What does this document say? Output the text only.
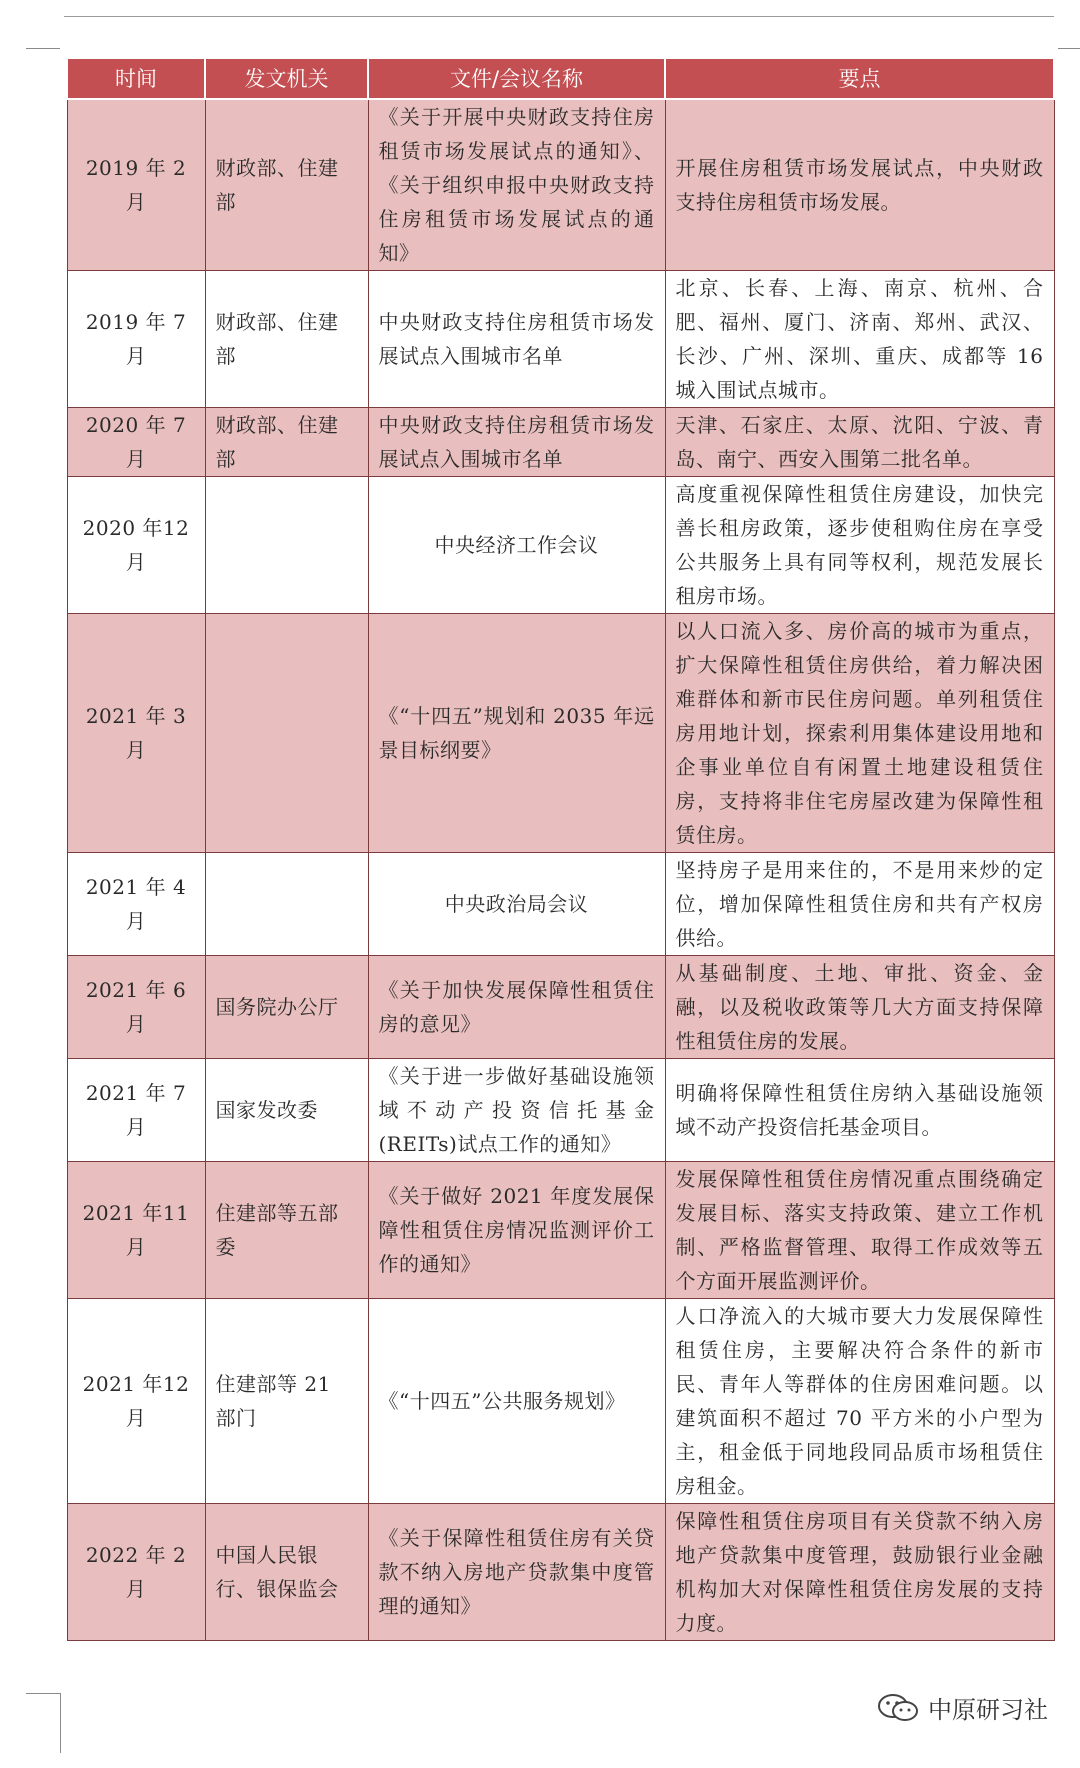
时间	发文机关	文件/会议名称	要点
2019 年 2 月	财政部、住建部	《关于开展中央财政支持住房租赁市场发展试点的通知》、《关于组织申报中央财政支持住房租赁市场发展试点的通知》	开展住房租赁市场发展试点，中央财政支持住房租赁市场发展。
2019 年 7 月	财政部、住建部	中央财政支持住房租赁市场发展试点入围城市名单	北京、长春、上海、南京、杭州、合肥、福州、厦门、济南、郑州、武汉、长沙、广州、深圳、重庆、成都等 16 城入围试点城市。
2020 年 7 月	财政部、住建部	中央财政支持住房租赁市场发展试点入围城市名单	天津、石家庄、太原、沈阳、宁波、青岛、南宁、西安入围第二批名单。
2020 年12 月		中央经济工作会议	高度重视保障性租赁住房建设，加快完善长租房政策，逐步使租购住房在享受公共服务上具有同等权利，规范发展长租房市场。
2021 年 3 月		《“十四五”规划和 2035 年远景目标纲要》	以人口流入多、房价高的城市为重点，扩大保障性租赁住房供给，着力解决困难群体和新市民住房问题。单列租赁住房用地计划，探索利用集体建设用地和企事业单位自有闲置土地建设租赁住房，支持将非住宅房屋改建为保障性租赁住房。
2021 年 4 月		中央政治局会议	坚持房子是用来住的，不是用来炒的定位，增加保障性租赁住房和共有产权房供给。
2021 年 6 月	国务院办公厅	《关于加快发展保障性租赁住房的意见》	从基础制度、土地、审批、资金、金融，以及税收政策等几大方面支持保障性租赁住房的发展。
2021 年 7 月	国家发改委	《关于进一步做好基础设施领域不动产投资信托基金(REITs)试点工作的通知》	明确将保障性租赁住房纳入基础设施领域不动产投资信托基金项目。
2021 年11 月	住建部等五部委	《关于做好 2021 年度发展保障性租赁住房情况监测评价工作的通知》	发展保障性租赁住房情况重点围绕确定发展目标、落实支持政策、建立工作机制、严格监督管理、取得工作成效等五个方面开展监测评价。
2021 年12 月	住建部等 21 部门	《“十四五”公共服务规划》	人口净流入的大城市要大力发展保障性租赁住房，主要解决符合条件的新市民、青年人等群体的住房困难问题。以建筑面积不超过 70 平方米的小户型为主，租金低于同地段同品质市场租赁住房租金。
2022 年 2 月	中国人民银行、银保监会	《关于保障性租赁住房有关贷款不纳入房地产贷款集中度管理的通知》	保障性租赁住房项目有关贷款不纳入房地产贷款集中度管理，鼓励银行业金融机构加大对保障性租赁住房发展的支持力度。
中原研习社
